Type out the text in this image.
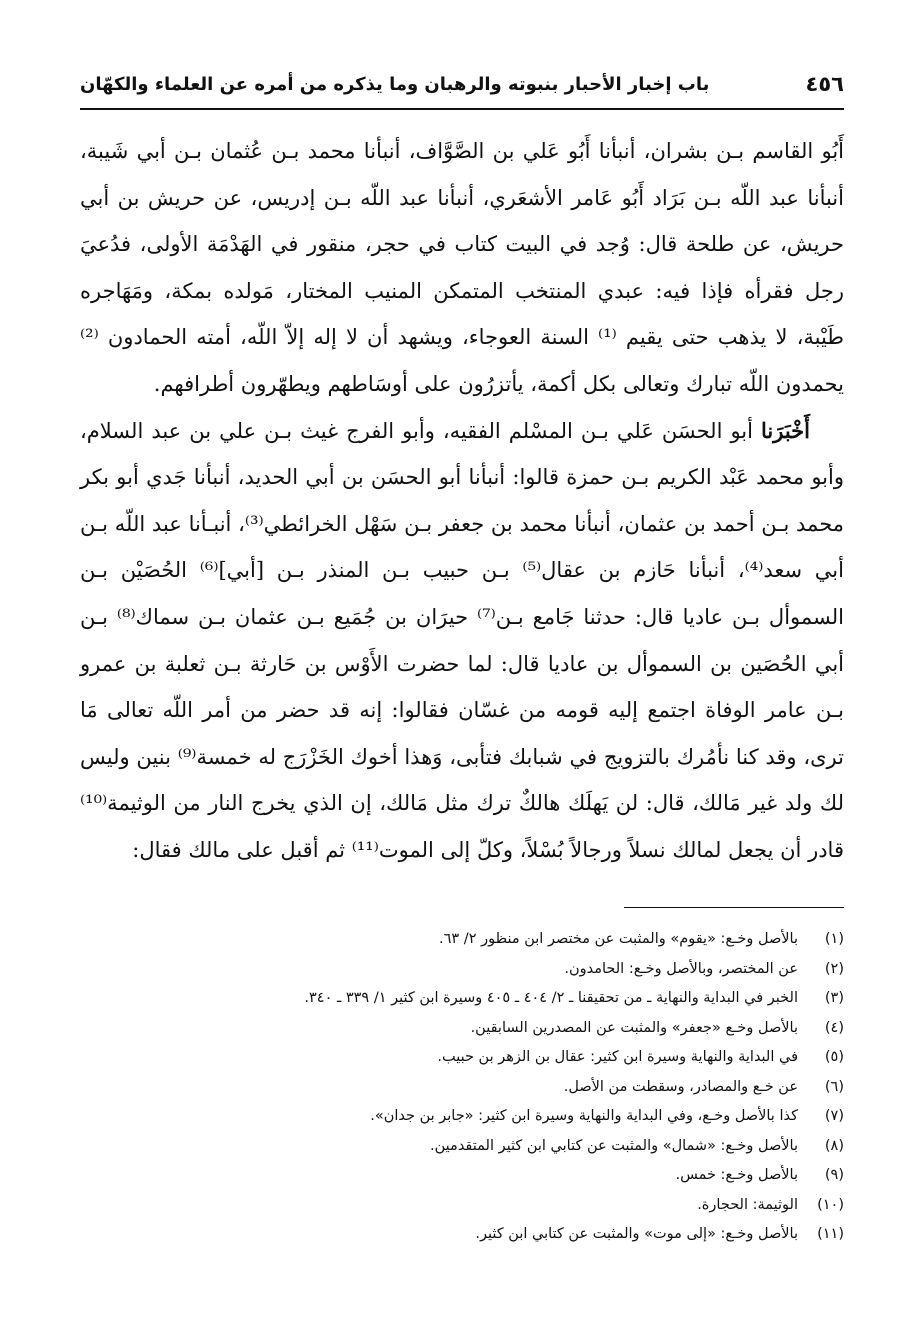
٤٥٦
باب إخبار الأحبار بنبوته والرهبان وما يذكره من أمره عن العلماء والكهّان

أَبُو القاسم بـن بشران، أنبأنا أَبُو عَلي بن الصَّوَّاف، أنبأنا محمد بـن عُثمان بـن أبي شَيبة، أنبأنا عبد اللّه بـن بَرَاد أَبُو عَامر الأشعَري، أنبأنا عبد اللّه بـن إدريس، عن حريش بن أبي حريش، عن طلحة قال: وُجد في البيت كتاب في حجر، منقور في الهَدْمَة الأولى، فدُعيَ رجل فقرأه فإذا فيه: عبدي المنتخب المتمكن المنيب المختار، مَولده بمكة، ومَهَاجره طَيْبة، لا يذهب حتى يقيم ⁽¹⁾ السنة العوجاء، ويشهد أن لا إله إلاّ اللّه، أمته الحمادون ⁽²⁾ يحمدون اللّه تبارك وتعالى بكل أكمة، يأتزرُون على أوسَاطهم ويطهّرون أطرافهم.

أَخْبَرَنا أبو الحسَن عَلي بـن المسْلم الفقيه، وأبو الفرج غيث بـن علي بن عبد السلام، وأبو محمد عَبْد الكريم بـن حمزة قالوا: أنبأنا أبو الحسَن بن أبي الحديد، أنبأنا جَدي أبو بكر محمد بـن أحمد بن عثمان، أنبأنا محمد بن جعفر بـن سَهْل الخرائطي⁽³⁾، أنبـأنا عبد اللّه بـن أبي سعد⁽⁴⁾، أنبأنا حَازم بن عقال⁽⁵⁾ بـن حبيب بـن المنذر بـن [أبي]⁽⁶⁾ الحُصَيْن بـن السموأل بـن عاديا قال: حدثنا جَامع بـن⁽⁷⁾ حيرَان بن جُمَيع بـن عثمان بـن سماك⁽⁸⁾ بـن أبي الحُصَين بن السموأل بن عاديا قال: لما حضرت الأَوْس بن حَارثة بـن ثعلبة بن عمرو بـن عامر الوفاة اجتمع إليه قومه من غسّان فقالوا: إنه قد حضر من أمر اللّه تعالى مَا ترى، وقد كنا نأمُرك بالتزويج في شبابك فتأبى، وَهذا أخوك الخَزْرَج له خمسة⁽⁹⁾ بنين وليس لك ولد غير مَالك، قال: لن يَهلَك هالكٌ ترك مثل مَالك، إن الذي يخرج النار من الوثيمة⁽¹⁰⁾ قادر أن يجعل لمالك نسلاً ورجالاً بُسْلاً، وكلّ إلى الموت⁽¹¹⁾ ثم أقبل على مالك فقال:

(١)
بالأصل وخـع: «يقوم» والمثبت عن مختصر ابن منظور ٢/ ٦٣.
(٢)
عن المختصر، وبالأصل وخـع: الحامدون.
(٣)
الخبر في البداية والنهاية ـ من تحقيقنا ـ ٢/ ٤٠٤ ـ ٤٠٥ وسيرة ابن كثير ١/ ٣٣٩ ـ ٣٤٠.
(٤)
بالأصل وخـع «جعفر» والمثبت عن المصدرين السابقين.
(٥)
في البداية والنهاية وسيرة ابن كثير: عقال بن الزهر بن حبيب.
(٦)
عن خـع والمصادر، وسقطت من الأصل.
(٧)
كذا بالأصل وخـع، وفي البداية والنهاية وسيرة ابن كثير: «جابر بن جدان».
(٨)
بالأصل وخـع: «شمال» والمثبت عن كتابي ابن كثير المتقدمين.
(٩)
بالأصل وخـع: خمس.
(١٠)
الوثيمة: الحجارة.
(١١)
بالأصل وخـع: «إلى موت» والمثبت عن كتابي ابن كثير.
